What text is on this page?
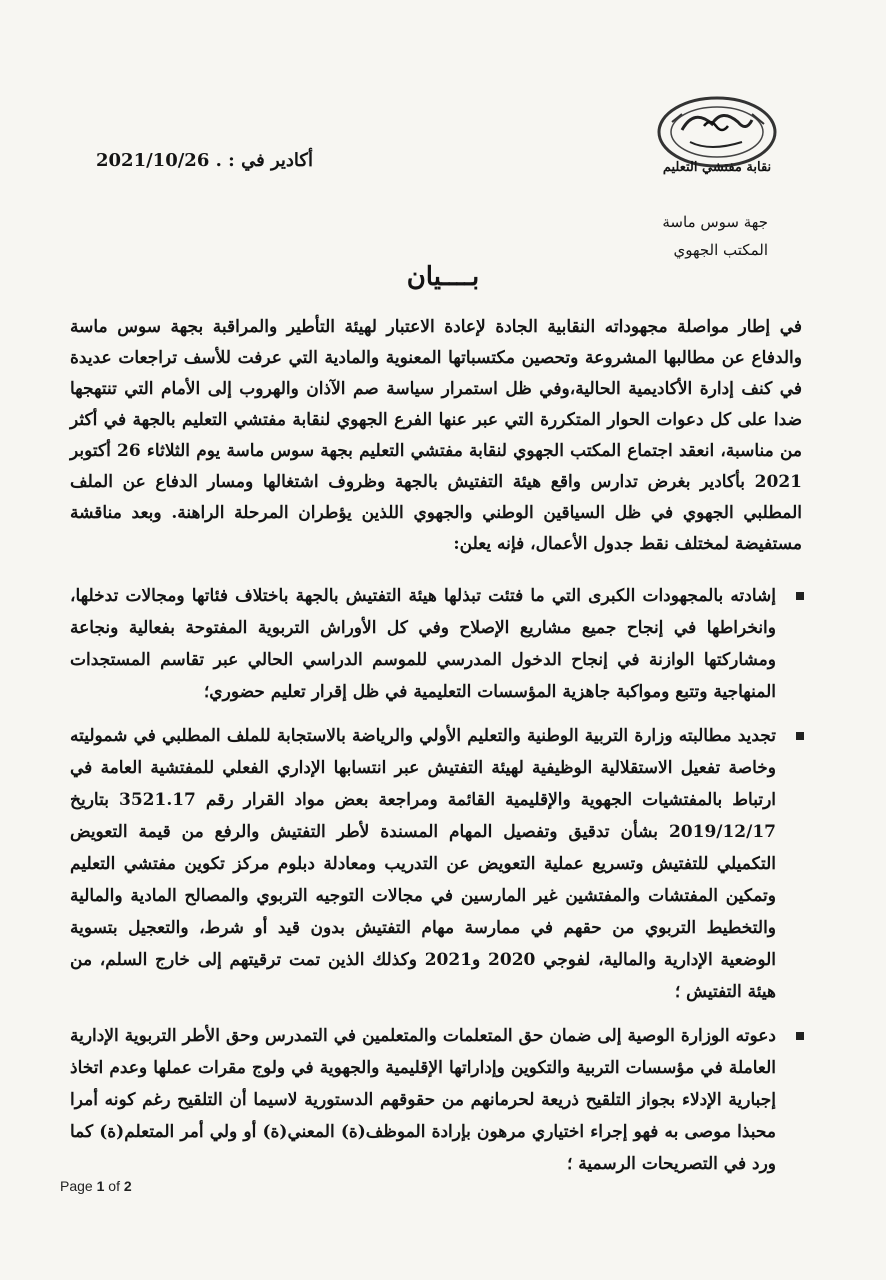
نقابة مفتشي التعليم
أكادير في : 2021/10/26 .
جهة سوس ماسة
المكتب الجهوي
بــــيان
في إطار مواصلة مجهوداته النقابية الجادة لإعادة الاعتبار لهيئة التأطير والمراقبة بجهة سوس ماسة والدفاع عن مطالبها المشروعة وتحصين مكتسباتها المعنوية والمادية التي عرفت للأسف تراجعات عديدة في كنف إدارة الأكاديمية الحالية،وفي ظل استمرار سياسة صم الآذان والهروب إلى الأمام التي تنتهجها ضدا على كل دعوات الحوار المتكررة التي عبر عنها الفرع الجهوي لنقابة مفتشي التعليم بالجهة في أكثر من مناسبة، انعقد اجتماع المكتب الجهوي لنقابة مفتشي التعليم بجهة سوس ماسة يوم الثلاثاء 26 أكتوبر 2021 بأكادير بغرض تدارس واقع هيئة التفتيش بالجهة وظروف اشتغالها ومسار الدفاع عن الملف المطلبي الجهوي في ظل السياقين الوطني والجهوي اللذين يؤطران المرحلة الراهنة. وبعد مناقشة مستفيضة لمختلف نقط جدول الأعمال، فإنه يعلن:
إشادته بالمجهودات الكبرى التي ما فتئت تبذلها هيئة التفتيش بالجهة باختلاف فئاتها ومجالات تدخلها، وانخراطها في إنجاح جميع مشاريع الإصلاح وفي كل الأوراش التربوية المفتوحة بفعالية ونجاعة ومشاركتها الوازنة في إنجاح الدخول المدرسي للموسم الدراسي الحالي عبر تقاسم المستجدات المنهاجية وتتبع ومواكبة جاهزية المؤسسات التعليمية في ظل إقرار تعليم حضوري؛
تجديد مطالبته وزارة التربية الوطنية والتعليم الأولي والرياضة بالاستجابة للملف المطلبي في شموليته وخاصة تفعيل الاستقلالية الوظيفية لهيئة التفتيش عبر انتسابها الإداري الفعلي للمفتشية العامة في ارتباط بالمفتشيات الجهوية والإقليمية القائمة ومراجعة بعض مواد القرار رقم 3521.17 بتاريخ 2019/12/17 بشأن تدقيق وتفصيل المهام المسندة لأطر التفتيش والرفع من قيمة التعويض التكميلي للتفتيش وتسريع عملية التعويض عن التدريب ومعادلة دبلوم مركز تكوين مفتشي التعليم وتمكين المفتشات والمفتشين غير المارسين في مجالات التوجيه التربوي والمصالح المادية والمالية والتخطيط التربوي من حقهم في ممارسة مهام التفتيش بدون قيد أو شرط، والتعجيل بتسوية الوضعية الإدارية والمالية، لفوجي 2020 و2021 وكذلك الذين تمت ترقيتهم إلى خارج السلم، من هيئة التفتيش ؛
دعوته الوزارة الوصية إلى ضمان حق المتعلمات والمتعلمين في التمدرس وحق الأطر التربوية الإدارية العاملة في مؤسسات التربية والتكوين وإداراتها الإقليمية والجهوية في ولوج مقرات عملها وعدم اتخاذ إجبارية الإدلاء بجواز التلقيح ذريعة لحرمانهم من حقوقهم الدستورية لاسيما أن التلقيح رغم كونه أمرا محبذا موصى به فهو إجراء اختياري مرهون بإرادة الموظف(ة) المعني(ة) أو ولي أمر المتعلم(ة) كما ورد في التصريحات الرسمية ؛
Page 1 of 2
